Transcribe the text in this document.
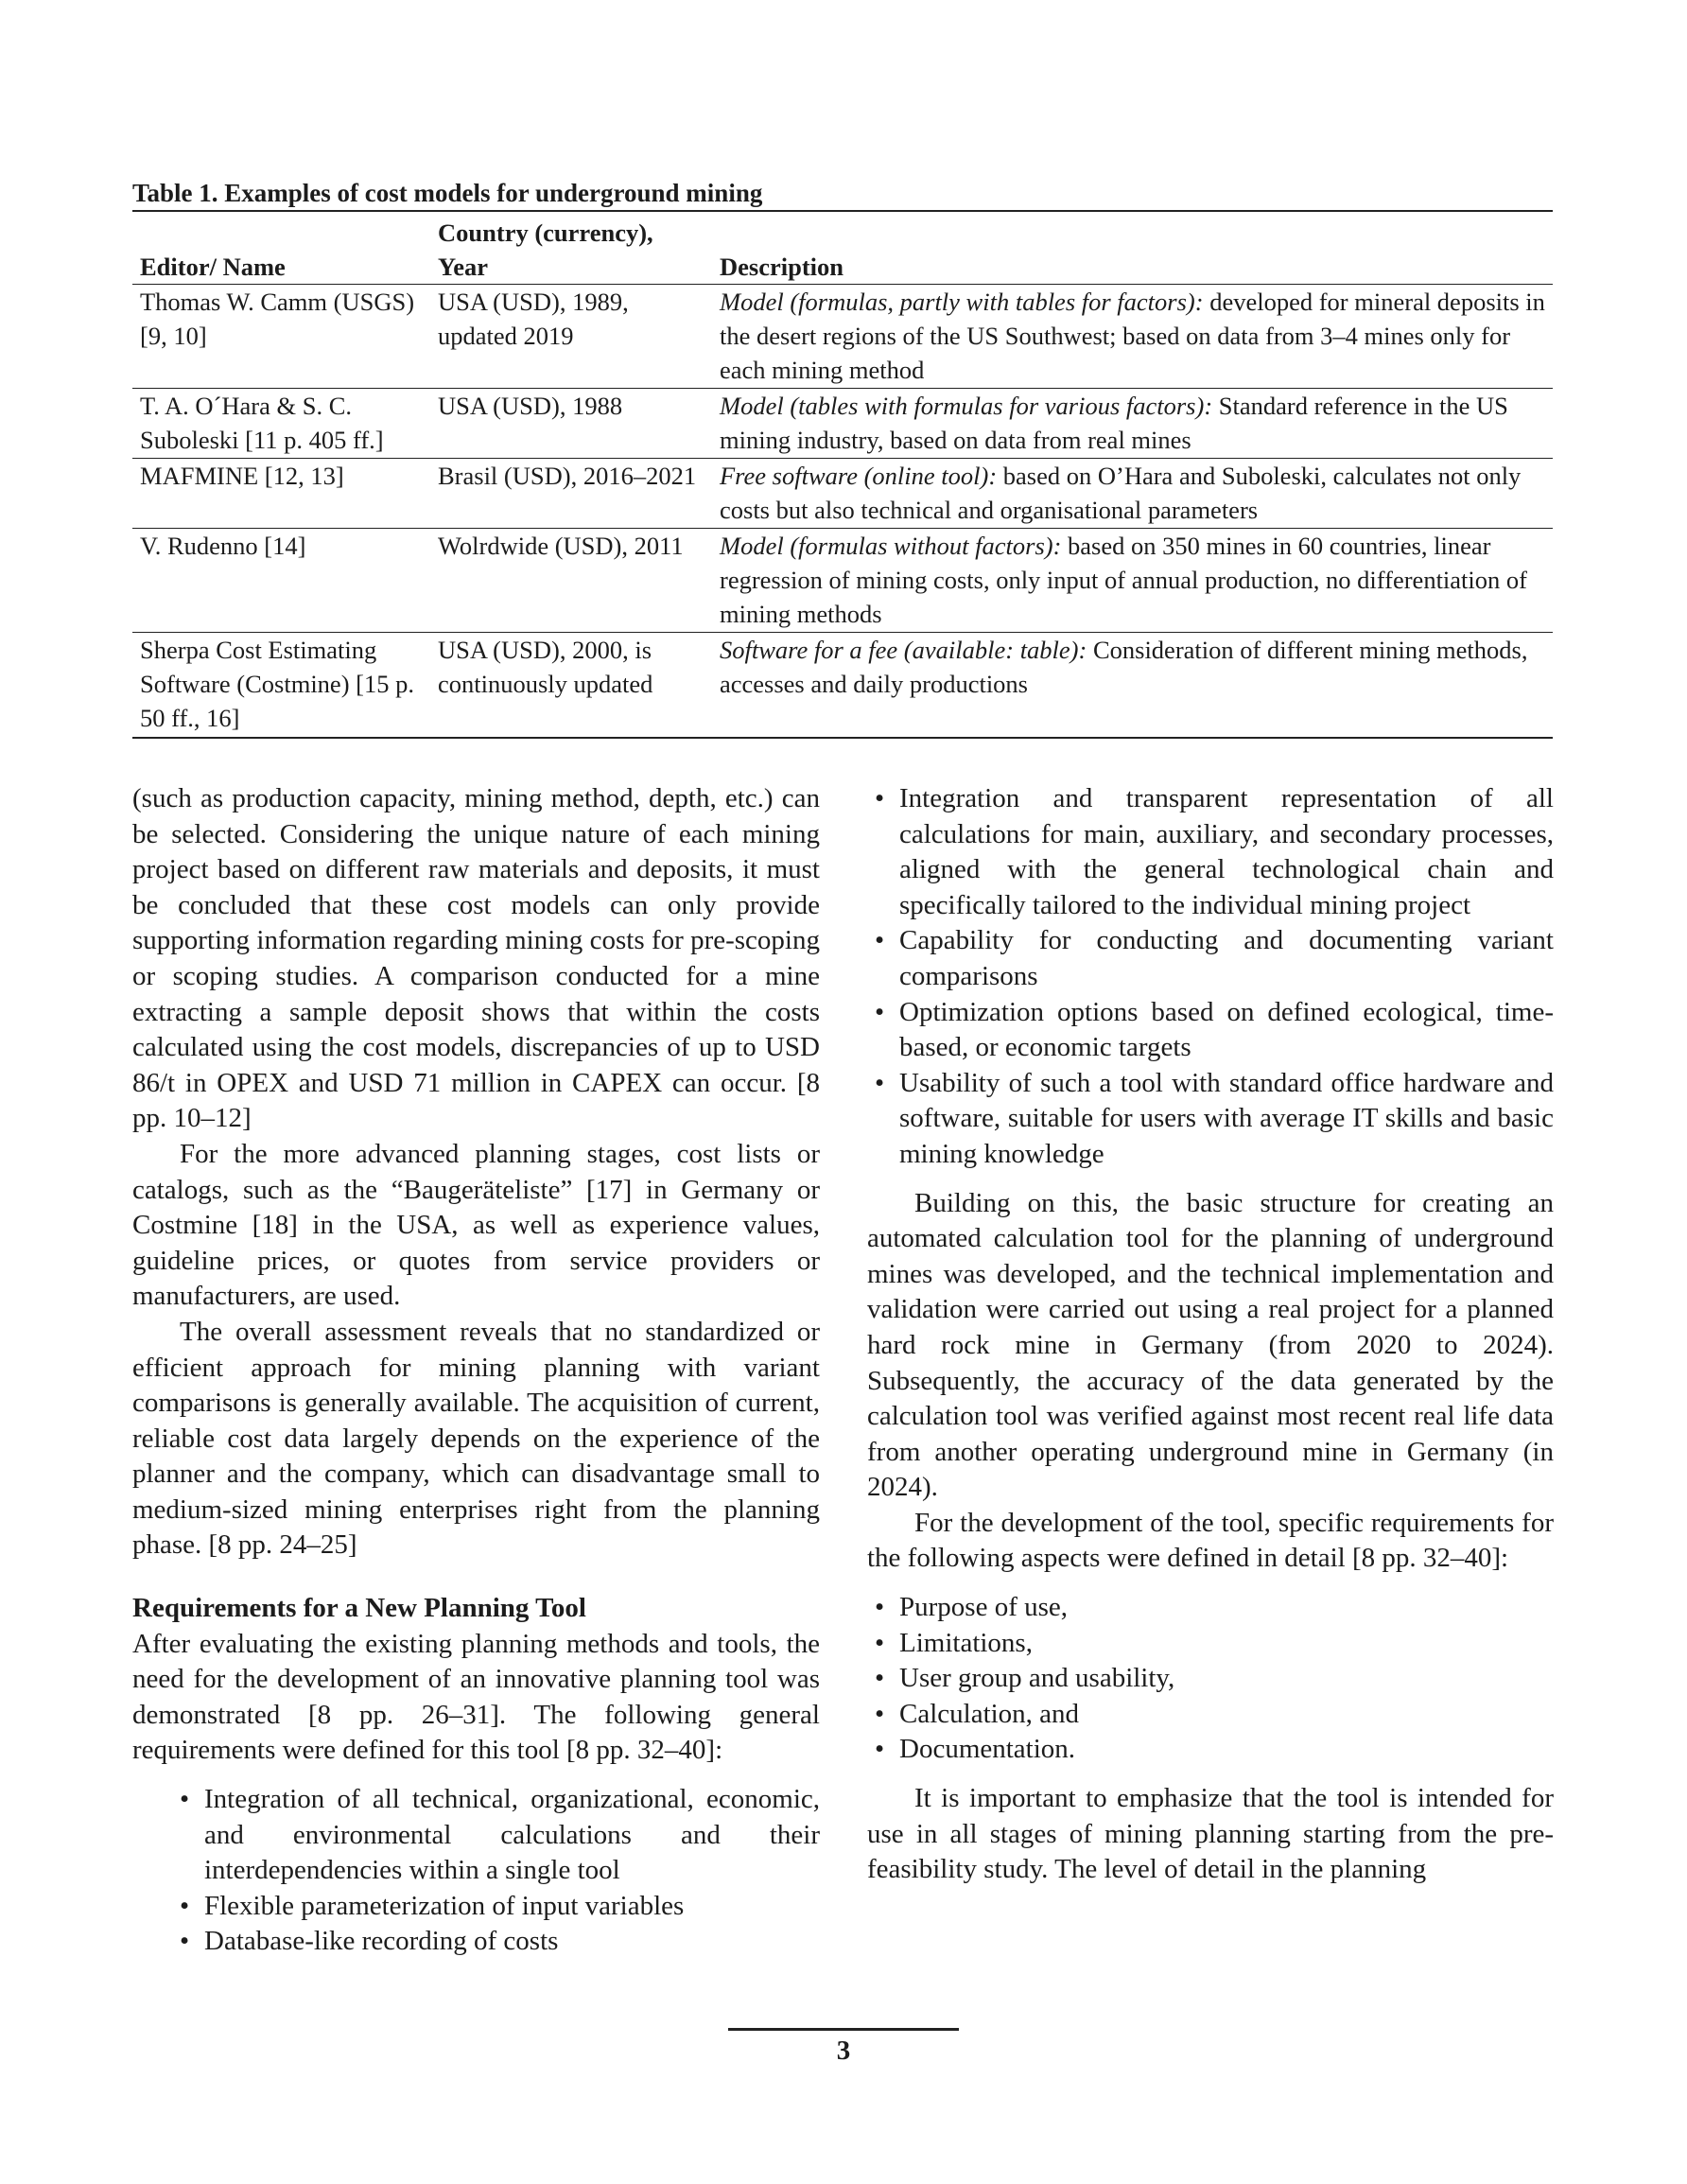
Table 1. Examples of cost models for underground mining
Editor/ Name	Country (currency), Year	Description
Thomas W. Camm (USGS) [9, 10]	USA (USD), 1989, updated 2019	Model (formulas, partly with tables for factors): developed for mineral deposits in the desert regions of the US Southwest; based on data from 3–4 mines only for each mining method
T. A. O´Hara & S. C. Suboleski [11 p. 405 ff.]	USA (USD), 1988	Model (tables with formulas for various factors): Standard reference in the US mining industry, based on data from real mines
MAFMINE [12, 13]	Brasil (USD), 2016–2021	Free software (online tool): based on O’Hara and Suboleski, calculates not only costs but also technical and organisational parameters
V. Rudenno [14]	Wolrdwide (USD), 2011	Model (formulas without factors): based on 350 mines in 60 countries, linear regression of mining costs, only input of annual production, no differentiation of mining methods
Sherpa Cost Estimating Software (Costmine) [15 p. 50 ff., 16]	USA (USD), 2000, is continuously updated	Software for a fee (available: table): Consideration of different mining methods, accesses and daily productions

(such as production capacity, mining method, depth, etc.) can be selected. Considering the unique nature of each mining project based on different raw materials and deposits, it must be concluded that these cost models can only provide supporting information regarding mining costs for pre-scoping or scoping studies. A comparison conducted for a mine extracting a sample deposit shows that within the costs calculated using the cost models, discrepancies of up to USD 86/t in OPEX and USD 71 million in CAPEX can occur. [8 pp. 10–12]

For the more advanced planning stages, cost lists or catalogs, such as the “Baugeräteliste” [17] in Germany or Costmine [18] in the USA, as well as experience values, guideline prices, or quotes from service providers or manufacturers, are used.

The overall assessment reveals that no standardized or efficient approach for mining planning with variant comparisons is generally available. The acquisition of current, reliable cost data largely depends on the experience of the planner and the company, which can disadvantage small to medium-sized mining enterprises right from the planning phase. [8 pp. 24–25]

Requirements for a New Planning Tool

After evaluating the existing planning methods and tools, the need for the development of an innovative planning tool was demonstrated [8 pp. 26–31]. The following general requirements were defined for this tool [8 pp. 32–40]:

• Integration of all technical, organizational, economic, and environmental calculations and their interdependencies within a single tool
• Flexible parameterization of input variables
• Database-like recording of costs
• Integration and transparent representation of all calculations for main, auxiliary, and secondary processes, aligned with the general technological chain and specifically tailored to the individual mining project
• Capability for conducting and documenting variant comparisons
• Optimization options based on defined ecological, time-based, or economic targets
• Usability of such a tool with standard office hardware and software, suitable for users with average IT skills and basic mining knowledge

Building on this, the basic structure for creating an automated calculation tool for the planning of underground mines was developed, and the technical implementation and validation were carried out using a real project for a planned hard rock mine in Germany (from 2020 to 2024). Subsequently, the accuracy of the data generated by the calculation tool was verified against most recent real life data from another operating underground mine in Germany (in 2024).

For the development of the tool, specific requirements for the following aspects were defined in detail [8 pp. 32–40]:

• Purpose of use,
• Limitations,
• User group and usability,
• Calculation, and
• Documentation.

It is important to emphasize that the tool is intended for use in all stages of mining planning starting from the pre-feasibility study. The level of detail in the planning

3
